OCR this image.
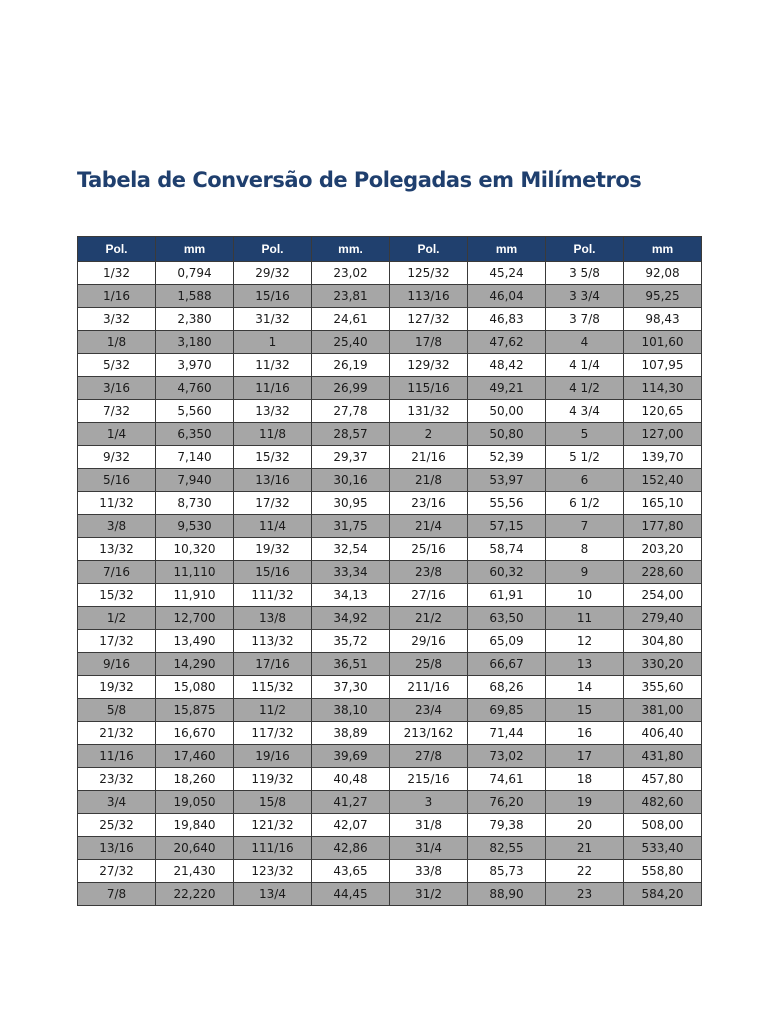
Tabela de Conversão de Polegadas em Milímetros
Pol.	mm	Pol.	mm.	Pol.	mm	Pol.	mm
1/32	0,794	29/32	23,02	125/32	45,24	3 5/8	92,08
1/16	1,588	15/16	23,81	113/16	46,04	3 3/4	95,25
3/32	2,380	31/32	24,61	127/32	46,83	3 7/8	98,43
1/8	3,180	1	25,40	17/8	47,62	4	101,60
5/32	3,970	11/32	26,19	129/32	48,42	4 1/4	107,95
3/16	4,760	11/16	26,99	115/16	49,21	4 1/2	114,30
7/32	5,560	13/32	27,78	131/32	50,00	4 3/4	120,65
1/4	6,350	11/8	28,57	2	50,80	5	127,00
9/32	7,140	15/32	29,37	21/16	52,39	5 1/2	139,70
5/16	7,940	13/16	30,16	21/8	53,97	6	152,40
11/32	8,730	17/32	30,95	23/16	55,56	6 1/2	165,10
3/8	9,530	11/4	31,75	21/4	57,15	7	177,80
13/32	10,320	19/32	32,54	25/16	58,74	8	203,20
7/16	11,110	15/16	33,34	23/8	60,32	9	228,60
15/32	11,910	111/32	34,13	27/16	61,91	10	254,00
1/2	12,700	13/8	34,92	21/2	63,50	11	279,40
17/32	13,490	113/32	35,72	29/16	65,09	12	304,80
9/16	14,290	17/16	36,51	25/8	66,67	13	330,20
19/32	15,080	115/32	37,30	211/16	68,26	14	355,60
5/8	15,875	11/2	38,10	23/4	69,85	15	381,00
21/32	16,670	117/32	38,89	213/162	71,44	16	406,40
11/16	17,460	19/16	39,69	27/8	73,02	17	431,80
23/32	18,260	119/32	40,48	215/16	74,61	18	457,80
3/4	19,050	15/8	41,27	3	76,20	19	482,60
25/32	19,840	121/32	42,07	31/8	79,38	20	508,00
13/16	20,640	111/16	42,86	31/4	82,55	21	533,40
27/32	21,430	123/32	43,65	33/8	85,73	22	558,80
7/8	22,220	13/4	44,45	31/2	88,90	23	584,20
